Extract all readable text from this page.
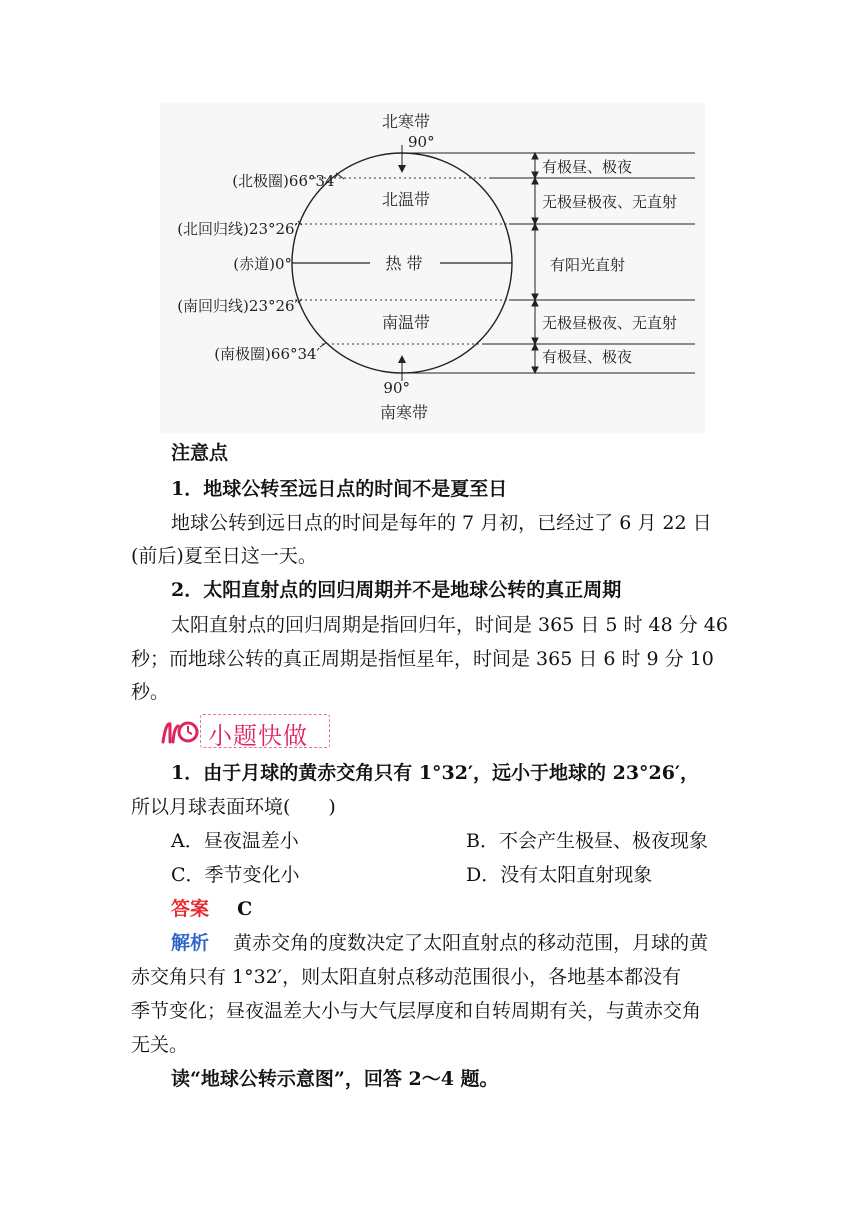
北寒带
90°
90°
南寒带
(北极圈)66°34′
(北回归线)23°26′
(赤道)0°
(南回归线)23°26′
(南极圈)66°34′
北温带
热 带
南温带
有极昼、极夜
无极昼极夜、无直射
有阳光直射
无极昼极夜、无直射
有极昼、极夜
注意点
1．地球公转至远日点的时间不是夏至日
地球公转到远日点的时间是每年的 7 月初，已经过了 6 月 22 日
(前后)夏至日这一天。
2．太阳直射点的回归周期并不是地球公转的真正周期
太阳直射点的回归周期是指回归年，时间是 365 日 5 时 48 分 46
秒；而地球公转的真正周期是指恒星年，时间是 365 日 6 时 9 分 10
秒。
小题快做
1．由于月球的黄赤交角只有 1°32′，远小于地球的 23°26′，
所以月球表面环境(　　)
A．昼夜温差小	B．不会产生极昼、极夜现象
C．季节变化小	D．没有太阳直射现象
答案 C
解析 黄赤交角的度数决定了太阳直射点的移动范围，月球的黄
赤交角只有 1°32′，则太阳直射点移动范围很小，各地基本都没有
季节变化；昼夜温差大小与大气层厚度和自转周期有关，与黄赤交角
无关。
读“地球公转示意图”，回答 2～4 题。
